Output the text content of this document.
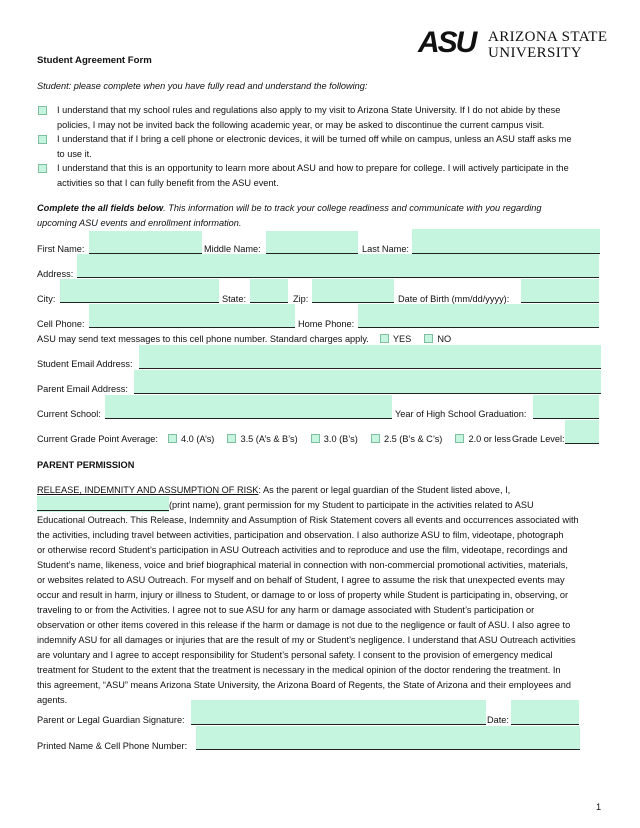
ASU ARIZONA STATE
UNIVERSITY
Student Agreement Form
Student: please complete when you have fully read and understand the following:
I understand that my school rules and regulations also apply to my visit to Arizona State University. If I do not abide by these
policies, I may not be invited back the following academic year, or may be asked to discontinue the current campus visit.
I understand that if I bring a cell phone or electronic devices, it will be turned off while on campus, unless an ASU staff asks me
to use it.
I understand that this is an opportunity to learn more about ASU and how to prepare for college. I will actively participate in the
activities so that I can fully benefit from the ASU event.
Complete the all fields below. This information will be to track your college readiness and communicate with you regarding
upcoming ASU events and enrollment information.
First Name:	Middle Name:	Last Name:
Address:
City:	State:	Zip:	Date of Birth (mm/dd/yyyy):
Cell Phone:	Home Phone:
ASU may send text messages to this cell phone number. Standard charges apply.	YES	NO
Student Email Address:
Parent Email Address:
Current School:	Year of High School Graduation:
Current Grade Point Average:	4.0 (A’s)	3.5 (A’s & B’s)	3.0 (B’s)	2.5 (B’s & C’s)	2.0 or less Grade Level:
PARENT PERMISSION
RELEASE, INDEMNITY AND ASSUMPTION OF RISK: As the parent or legal guardian of the Student listed above, I,
(print name), grant permission for my Student to participate in the activities related to ASU
Educational Outreach. This Release, Indemnity and Assumption of Risk Statement covers all events and occurrences associated with
the activities, including travel between activities, participation and observation. I also authorize ASU to film, videotape, photograph
or otherwise record Student’s participation in ASU Outreach activities and to reproduce and use the film, videotape, recordings and
Student’s name, likeness, voice and brief biographical material in connection with non-commercial promotional activities, materials,
or websites related to ASU Outreach. For myself and on behalf of Student, I agree to assume the risk that unexpected events may
occur and result in harm, injury or illness to Student, or damage to or loss of property while Student is participating in, observing, or
traveling to or from the Activities. I agree not to sue ASU for any harm or damage associated with Student’s participation or
observation or other items covered in this release if the harm or damage is not due to the negligence or fault of ASU. I also agree to
indemnify ASU for all damages or injuries that are the result of my or Student’s negligence. I understand that ASU Outreach activities
are voluntary and I agree to accept responsibility for Student’s personal safety. I consent to the provision of emergency medical
treatment for Student to the extent that the treatment is necessary in the medical opinion of the doctor rendering the treatment. In
this agreement, “ASU” means Arizona State University, the Arizona Board of Regents, the State of Arizona and their employees and
agents.
Parent or Legal Guardian Signature:	Date:
Printed Name & Cell Phone Number:
1
